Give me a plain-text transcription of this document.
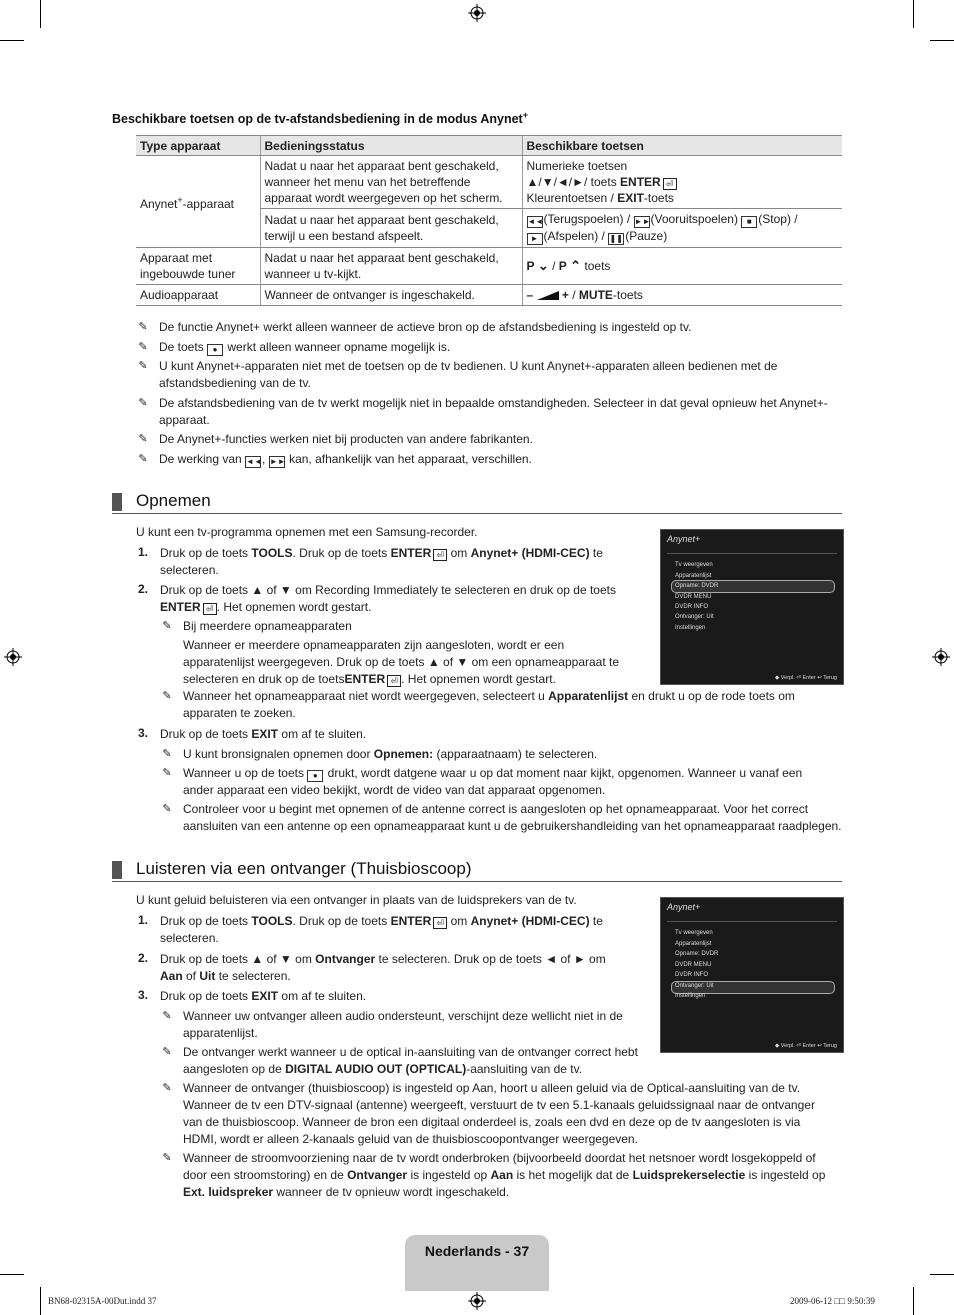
Beschikbare toetsen op de tv-afstandsbediening in de modus Anynet+
Type apparaat	Bedieningsstatus	Beschikbare toetsen
Anynet+-apparaat	Nadat u naar het apparaat bent geschakeld, wanneer het menu van het betreffende apparaat wordt weergegeven op het scherm.	Numerieke toetsen
▲/▼/◄/►/ toets ENTER ⏎
Kleurentoetsen / EXIT-toets

	Nadat u naar het apparaat bent geschakeld, terwijl u een bestand afspeelt.	◄◄(Terugspoelen) / ►►(Vooruitspoelen) ■ (Stop) /
► (Afspelen) / ❚❚ (Pauze)

Apparaat met ingebouwde tuner	Nadat u naar het apparaat bent geschakeld, wanneer u tv-kijkt.	P ⌄ / P ⌃ toets
Audioapparaat	Wanneer de ontvanger is ingeschakeld.	– + / MUTE-toets
✎ De functie Anynet+ werkt alleen wanneer de actieve bron op de afstandsbediening is ingesteld op tv.
✎ De toets ● werkt alleen wanneer opname mogelijk is.
✎ U kunt Anynet+-apparaten niet met de toetsen op de tv bedienen. U kunt Anynet+-apparaten alleen bedienen met de afstandsbediening van de tv.
✎ De afstandsbediening van de tv werkt mogelijk niet in bepaalde omstandigheden. Selecteer in dat geval opnieuw het Anynet+-apparaat.
✎ De Anynet+-functies werken niet bij producten van andere fabrikanten.
✎ De werking van ◄◄, ►► kan, afhankelijk van het apparaat, verschillen.
Opnemen
U kunt een tv-programma opnemen met een Samsung-recorder.
1. Druk op de toets TOOLS. Druk op de toets ENTER ⏎ om Anynet+ (HDMI-CEC) te
selecteren.
2. Druk op de toets ▲ of ▼ om Recording Immediately te selecteren en druk op de toets
ENTER ⏎ . Het opnemen wordt gestart.
✎ Bij meerdere opnameapparaten
Wanneer er meerdere opnameapparaten zijn aangesloten, wordt er een
apparatenlijst weergegeven. Druk op de toets ▲ of ▼ om een opnameapparaat te
selecteren en druk op de toetsENTER ⏎ . Het opnemen wordt gestart.
✎ Wanneer het opnameapparaat niet wordt weergegeven, selecteert u Apparatenlijst en drukt u op de rode toets om
apparaten te zoeken.
3. Druk op de toets EXIT om af te sluiten.
✎ U kunt bronsignalen opnemen door Opnemen: (apparaatnaam) te selecteren.
✎ Wanneer u op de toets ● drukt, wordt datgene waar u op dat moment naar kijkt, opgenomen. Wanneer u vanaf een
ander apparaat een video bekijkt, wordt de video van dat apparaat opgenomen.
✎ Controleer voor u begint met opnemen of de antenne correct is aangesloten op het opnameapparaat. Voor het correct
aansluiten van een antenne op een opnameapparaat kunt u de gebruikershandleiding van het opnameapparaat raadplegen.
Anynet+
Tv weergeven
Apparatenlijst
Opname: DVDR
DVDR MENU
DVDR INFO
Ontvanger: Uit
Instellingen
◆ Verpl. ⏎ Enter ↩ Terug
Luisteren via een ontvanger (Thuisbioscoop)
U kunt geluid beluisteren via een ontvanger in plaats van de luidsprekers van de tv.
1. Druk op de toets TOOLS. Druk op de toets ENTER ⏎ om Anynet+ (HDMI-CEC) te
selecteren.
2. Druk op de toets ▲ of ▼ om Ontvanger te selecteren. Druk op de toets ◄ of ► om
Aan of Uit te selecteren.
3. Druk op de toets EXIT om af te sluiten.
✎ Wanneer uw ontvanger alleen audio ondersteunt, verschijnt deze wellicht niet in de
apparatenlijst.
✎ De ontvanger werkt wanneer u de optical in-aansluiting van de ontvanger correct hebt
aangesloten op de DIGITAL AUDIO OUT (OPTICAL)-aansluiting van de tv.
✎ Wanneer de ontvanger (thuisbioscoop) is ingesteld op Aan, hoort u alleen geluid via de Optical-aansluiting van de tv.
Wanneer de tv een DTV-signaal (antenne) weergeeft, verstuurt de tv een 5.1-kanaals geluidssignaal naar de ontvanger
van de thuisbioscoop. Wanneer de bron een digitaal onderdeel is, zoals een dvd en deze op de tv aangesloten is via
HDMI, wordt er alleen 2-kanaals geluid van de thuisbioscoopontvanger weergegeven.
✎ Wanneer de stroomvoorziening naar de tv wordt onderbroken (bijvoorbeeld doordat het netsnoer wordt losgekoppeld of
door een stroomstoring) en de Ontvanger is ingesteld op Aan is het mogelijk dat de Luidsprekerselectie is ingesteld op
Ext. luidspreker wanneer de tv opnieuw wordt ingeschakeld.
Anynet+
Tv weergeven
Apparatenlijst
Opname: DVDR
DVDR MENU
DVDR INFO
Ontvanger: Uit
Instellingen
◆ Verpl. ⏎ Enter ↩ Terug
Nederlands - 37
BN68-02315A-00Dut.indd 37	2009-06-12 □□ 9:50:39
